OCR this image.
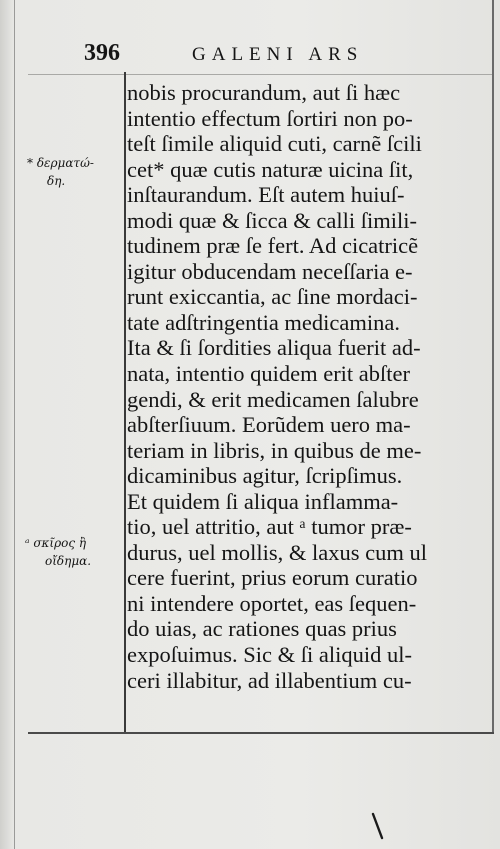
396	GALENI ARS
* δερματώ-
δη.
ᵃ σκῖρος ἢ
οἴδημα.
nobis procurandum, aut ſi hæc
intentio effectum ſortiri non po-
teſt ſimile aliquid cuti, carnẽ ſcili
cet* quæ cutis naturæ uicina ſit,
inſtaurandum. Eſt autem huiuſ-
modi quæ & ſicca & calli ſimili-
tudinem præ ſe fert. Ad cicatricẽ
igitur obducendam neceſſaria e-
runt exiccantia, ac ſine mordaci-
tate adſtringentia medicamina.
Ita & ſi ſordities aliqua fuerit ad-
nata, intentio quidem erit abſter
gendi, & erit medicamen ſalubre
abſterſiuum. Eorũdem uero ma-
teriam in libris, in quibus de me-
dicaminibus agitur, ſcripſimus.
Et quidem ſi aliqua inflamma-
tio, uel attritio, aut ᵃ tumor præ-
durus, uel mollis, & laxus cum ul
cere fuerint, prius eorum curatio
ni intendere oportet, eas ſequen-
do uias, ac rationes quas prius
expoſuimus. Sic & ſi aliquid ul-
ceri illabitur, ad illabentium cu-
